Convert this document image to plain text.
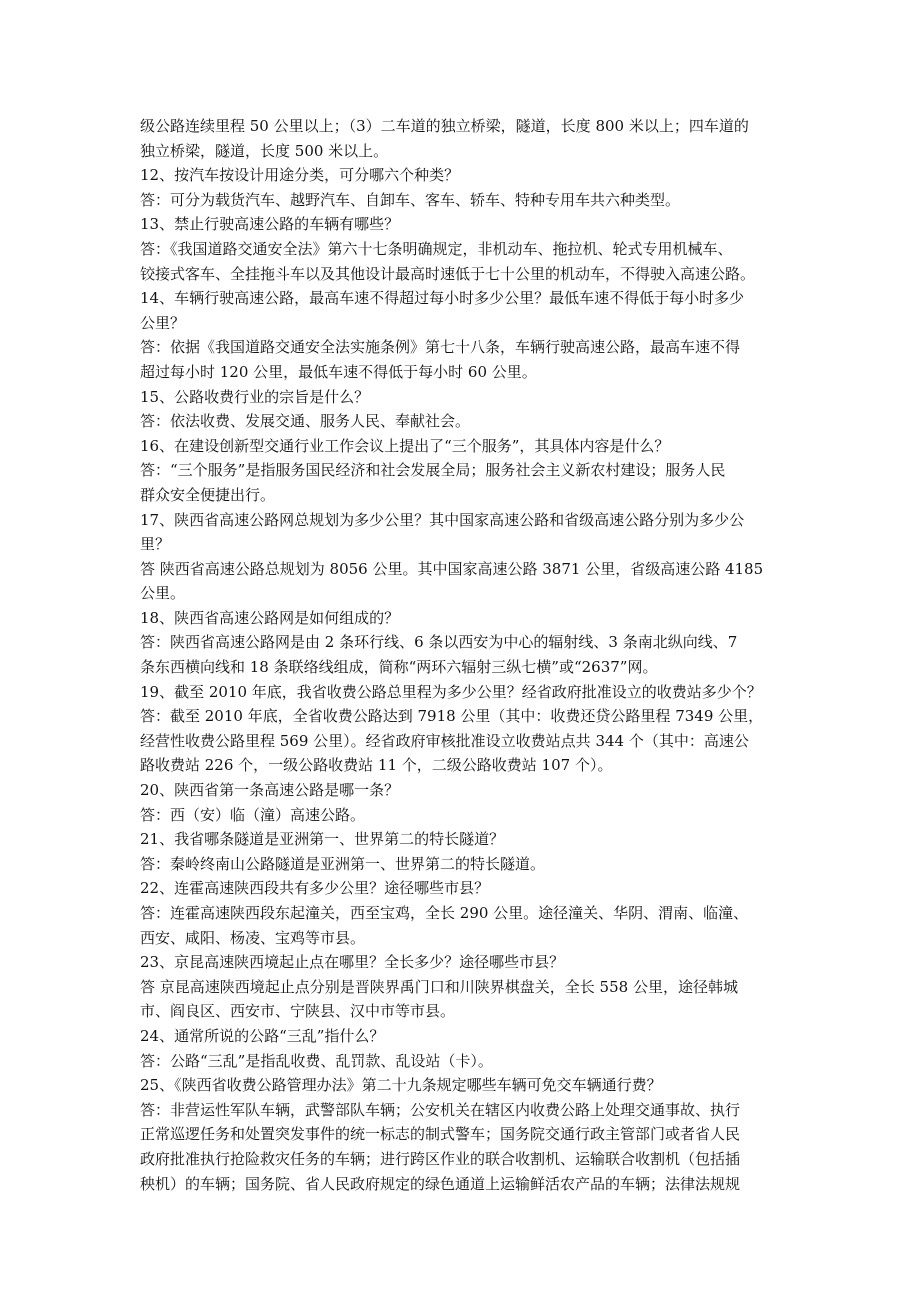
级公路连续里程 50 公里以上；（3）二车道的独立桥梁，隧道，长度 800 米以上；四车道的
独立桥梁，隧道，长度 500 米以上。
12、按汽车按设计用途分类，可分哪六个种类？
答：可分为载货汽车、越野汽车、自卸车、客车、轿车、特种专用车共六种类型。
13、禁止行驶高速公路的车辆有哪些？
答：《我国道路交通安全法》第六十七条明确规定，非机动车、拖拉机、轮式专用机械车、
铰接式客车、全挂拖斗车以及其他设计最高时速低于七十公里的机动车，不得驶入高速公路。
14、车辆行驶高速公路，最高车速不得超过每小时多少公里？最低车速不得低于每小时多少
公里？
答：依据《我国道路交通安全法实施条例》第七十八条，车辆行驶高速公路，最高车速不得
超过每小时 120 公里，最低车速不得低于每小时 60 公里。
15、公路收费行业的宗旨是什么？
答：依法收费、发展交通、服务人民、奉献社会。
16、在建设创新型交通行业工作会议上提出了“三个服务”，其具体内容是什么？
答：“三个服务”是指服务国民经济和社会发展全局；服务社会主义新农村建设；服务人民
群众安全便捷出行。
17、陕西省高速公路网总规划为多少公里？其中国家高速公路和省级高速公路分别为多少公
里？
答 陕西省高速公路总规划为 8056 公里。其中国家高速公路 3871 公里，省级高速公路 4185
公里。
18、陕西省高速公路网是如何组成的？
答：陕西省高速公路网是由 2 条环行线、6 条以西安为中心的辐射线、3 条南北纵向线、7
条东西横向线和 18 条联络线组成，简称“两环六辐射三纵七横”或“2637”网。
19、截至 2010 年底，我省收费公路总里程为多少公里？经省政府批准设立的收费站多少个？
答：截至 2010 年底，全省收费公路达到 7918 公里（其中：收费还贷公路里程 7349 公里，
经营性收费公路里程 569 公里）。经省政府审核批准设立收费站点共 344 个（其中：高速公
路收费站 226 个，一级公路收费站 11 个，二级公路收费站 107 个）。
20、陕西省第一条高速公路是哪一条？
答：西（安）临（潼）高速公路。
21、我省哪条隧道是亚洲第一、世界第二的特长隧道？
答：秦岭终南山公路隧道是亚洲第一、世界第二的特长隧道。
22、连霍高速陕西段共有多少公里？途径哪些市县？
答：连霍高速陕西段东起潼关，西至宝鸡，全长 290 公里。途径潼关、华阴、渭南、临潼、
西安、咸阳、杨凌、宝鸡等市县。
23、京昆高速陕西境起止点在哪里？全长多少？途径哪些市县？
答 京昆高速陕西境起止点分别是晋陕界禹门口和川陕界棋盘关，全长 558 公里，途径韩城
市、阎良区、西安市、宁陕县、汉中市等市县。
24、通常所说的公路“三乱”指什么？
答：公路“三乱”是指乱收费、乱罚款、乱设站（卡）。
25、《陕西省收费公路管理办法》第二十九条规定哪些车辆可免交车辆通行费？
答：非营运性军队车辆，武警部队车辆；公安机关在辖区内收费公路上处理交通事故、执行
正常巡逻任务和处置突发事件的统一标志的制式警车；国务院交通行政主管部门或者省人民
政府批准执行抢险救灾任务的车辆；进行跨区作业的联合收割机、运输联合收割机（包括插
秧机）的车辆；国务院、省人民政府规定的绿色通道上运输鲜活农产品的车辆；法律法规规
